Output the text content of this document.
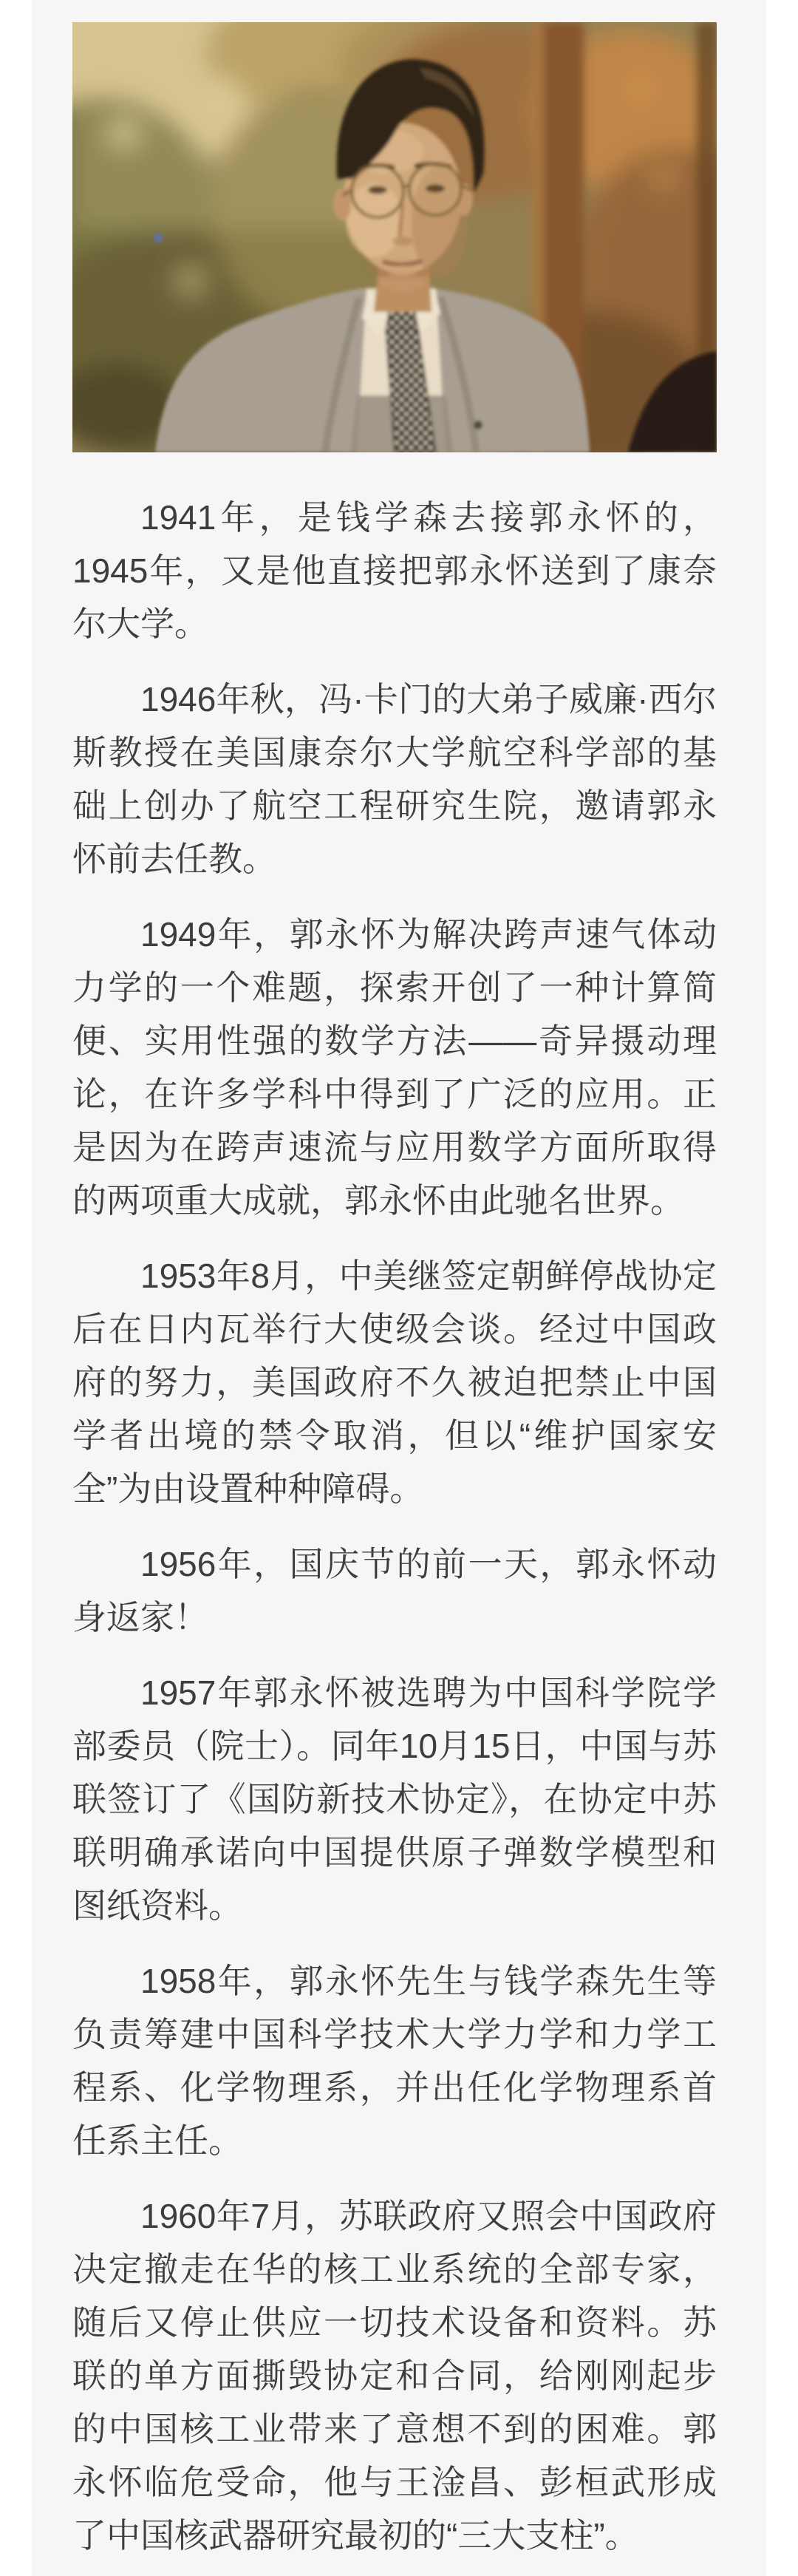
1941年，是钱学森去接郭永怀的，1945年，又是他直接把郭永怀送到了康奈尔大学。

1946年秋，冯·卡门的大弟子威廉·西尔斯教授在美国康奈尔大学航空科学部的基础上创办了航空工程研究生院，邀请郭永怀前去任教。

1949年，郭永怀为解决跨声速气体动力学的一个难题，探索开创了一种计算简便、实用性强的数学方法——奇异摄动理论，在许多学科中得到了广泛的应用。正是因为在跨声速流与应用数学方面所取得的两项重大成就，郭永怀由此驰名世界。

1953年8月，中美继签定朝鲜停战协定后在日内瓦举行大使级会谈。经过中国政府的努力，美国政府不久被迫把禁止中国学者出境的禁令取消，但以“维护国家安全”为由设置种种障碍。

1956年，国庆节的前一天，郭永怀动身返家！

1957年郭永怀被选聘为中国科学院学部委员（院士）。同年10月15日，中国与苏联签订了《国防新技术协定》，在协定中苏联明确承诺向中国提供原子弹数学模型和图纸资料。

1958年，郭永怀先生与钱学森先生等负责筹建中国科学技术大学力学和力学工程系、化学物理系，并出任化学物理系首任系主任。

1960年7月，苏联政府又照会中国政府决定撤走在华的核工业系统的全部专家，随后又停止供应一切技术设备和资料。苏联的单方面撕毁协定和合同，给刚刚起步的中国核工业带来了意想不到的困难。郭永怀临危受命，他与王淦昌、彭桓武形成了中国核武器研究最初的“三大支柱”。
